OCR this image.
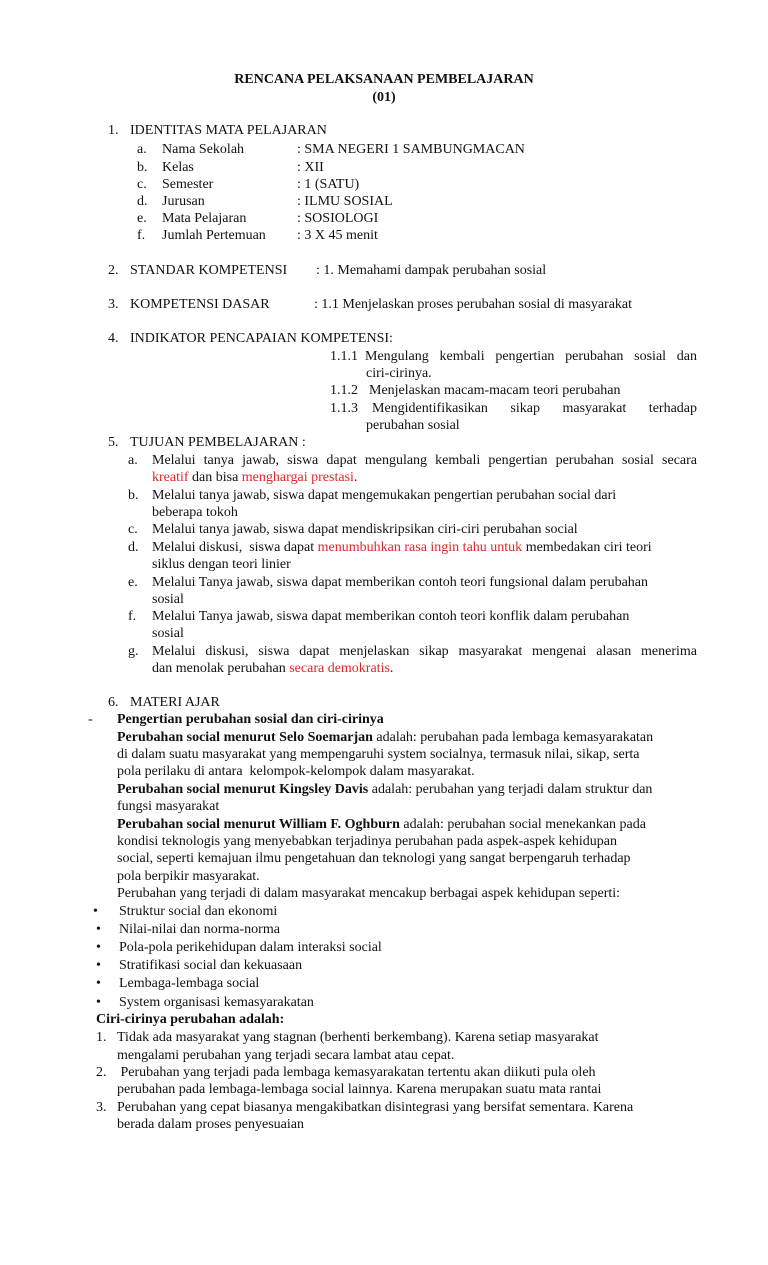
RENCANA PELAKSANAAN PEMBELAJARAN
(01)
1. IDENTITAS MATA PELAJARAN
a. Nama Sekolah	: SMA NEGERI 1 SAMBUNGMACAN
b. Kelas	: XII
c. Semester	: 1 (SATU)
d. Jurusan	: ILMU SOSIAL
e. Mata Pelajaran	: SOSIOLOGI
f. Jumlah Pertemuan : 3 X 45 menit
2. STANDAR KOMPETENSI : 1. Memahami dampak perubahan sosial
3. KOMPETENSI DASAR	: 1.1 Menjelaskan proses perubahan sosial di masyarakat
4. INDIKATOR PENCAPAIAN KOMPETENSI:
1.1.1 Mengulang kembali pengertian perubahan sosial dan
ciri-cirinya.
1.1.2 Menjelaskan macam-macam teori perubahan
1.1.3 Mengidentifikasikan sikap masyarakat terhadap
perubahan sosial
5. TUJUAN PEMBELAJARAN :
a. Melalui tanya jawab, siswa dapat mengulang kembali pengertian perubahan sosial secara
kreatif dan bisa menghargai prestasi.
b. Melalui tanya jawab, siswa dapat mengemukakan pengertian perubahan social dari
beberapa tokoh
c. Melalui tanya jawab, siswa dapat mendiskripsikan ciri-ciri perubahan social
d. Melalui diskusi,  siswa dapat menumbuhkan rasa ingin tahu untuk membedakan ciri teori
siklus dengan teori linier
e. Melalui Tanya jawab, siswa dapat memberikan contoh teori fungsional dalam perubahan
sosial
f. Melalui Tanya jawab, siswa dapat memberikan contoh teori konflik dalam perubahan
sosial
g. Melalui diskusi, siswa dapat menjelaskan sikap masyarakat mengenai alasan menerima
dan menolak perubahan secara demokratis.
6. MATERI AJAR
- Pengertian perubahan sosial dan ciri-cirinya
Perubahan social menurut Selo Soemarjan adalah: perubahan pada lembaga kemasyarakatan
di dalam suatu masyarakat yang mempengaruhi system socialnya, termasuk nilai, sikap, serta
pola perilaku di antara  kelompok-kelompok dalam masyarakat.
Perubahan social menurut Kingsley Davis adalah: perubahan yang terjadi dalam struktur dan
fungsi masyarakat
Perubahan social menurut William F. Oghburn adalah: perubahan social menekankan pada
kondisi teknologis yang menyebabkan terjadinya perubahan pada aspek-aspek kehidupan
social, seperti kemajuan ilmu pengetahuan dan teknologi yang sangat berpengaruh terhadap
pola berpikir masyarakat.
Perubahan yang terjadi di dalam masyarakat mencakup berbagai aspek kehidupan seperti:
• Struktur social dan ekonomi
• Nilai-nilai dan norma-norma
• Pola-pola perikehidupan dalam interaksi social
• Stratifikasi social dan kekuasaan
• Lembaga-lembaga social
• System organisasi kemasyarakatan
Ciri-cirinya perubahan adalah:
1. Tidak ada masyarakat yang stagnan (berhenti berkembang). Karena setiap masyarakat
mengalami perubahan yang terjadi secara lambat atau cepat.
2. Perubahan yang terjadi pada lembaga kemasyarakatan tertentu akan diikuti pula oleh
perubahan pada lembaga-lembaga social lainnya. Karena merupakan suatu mata rantai
3. Perubahan yang cepat biasanya mengakibatkan disintegrasi yang bersifat sementara. Karena
berada dalam proses penyesuaian
